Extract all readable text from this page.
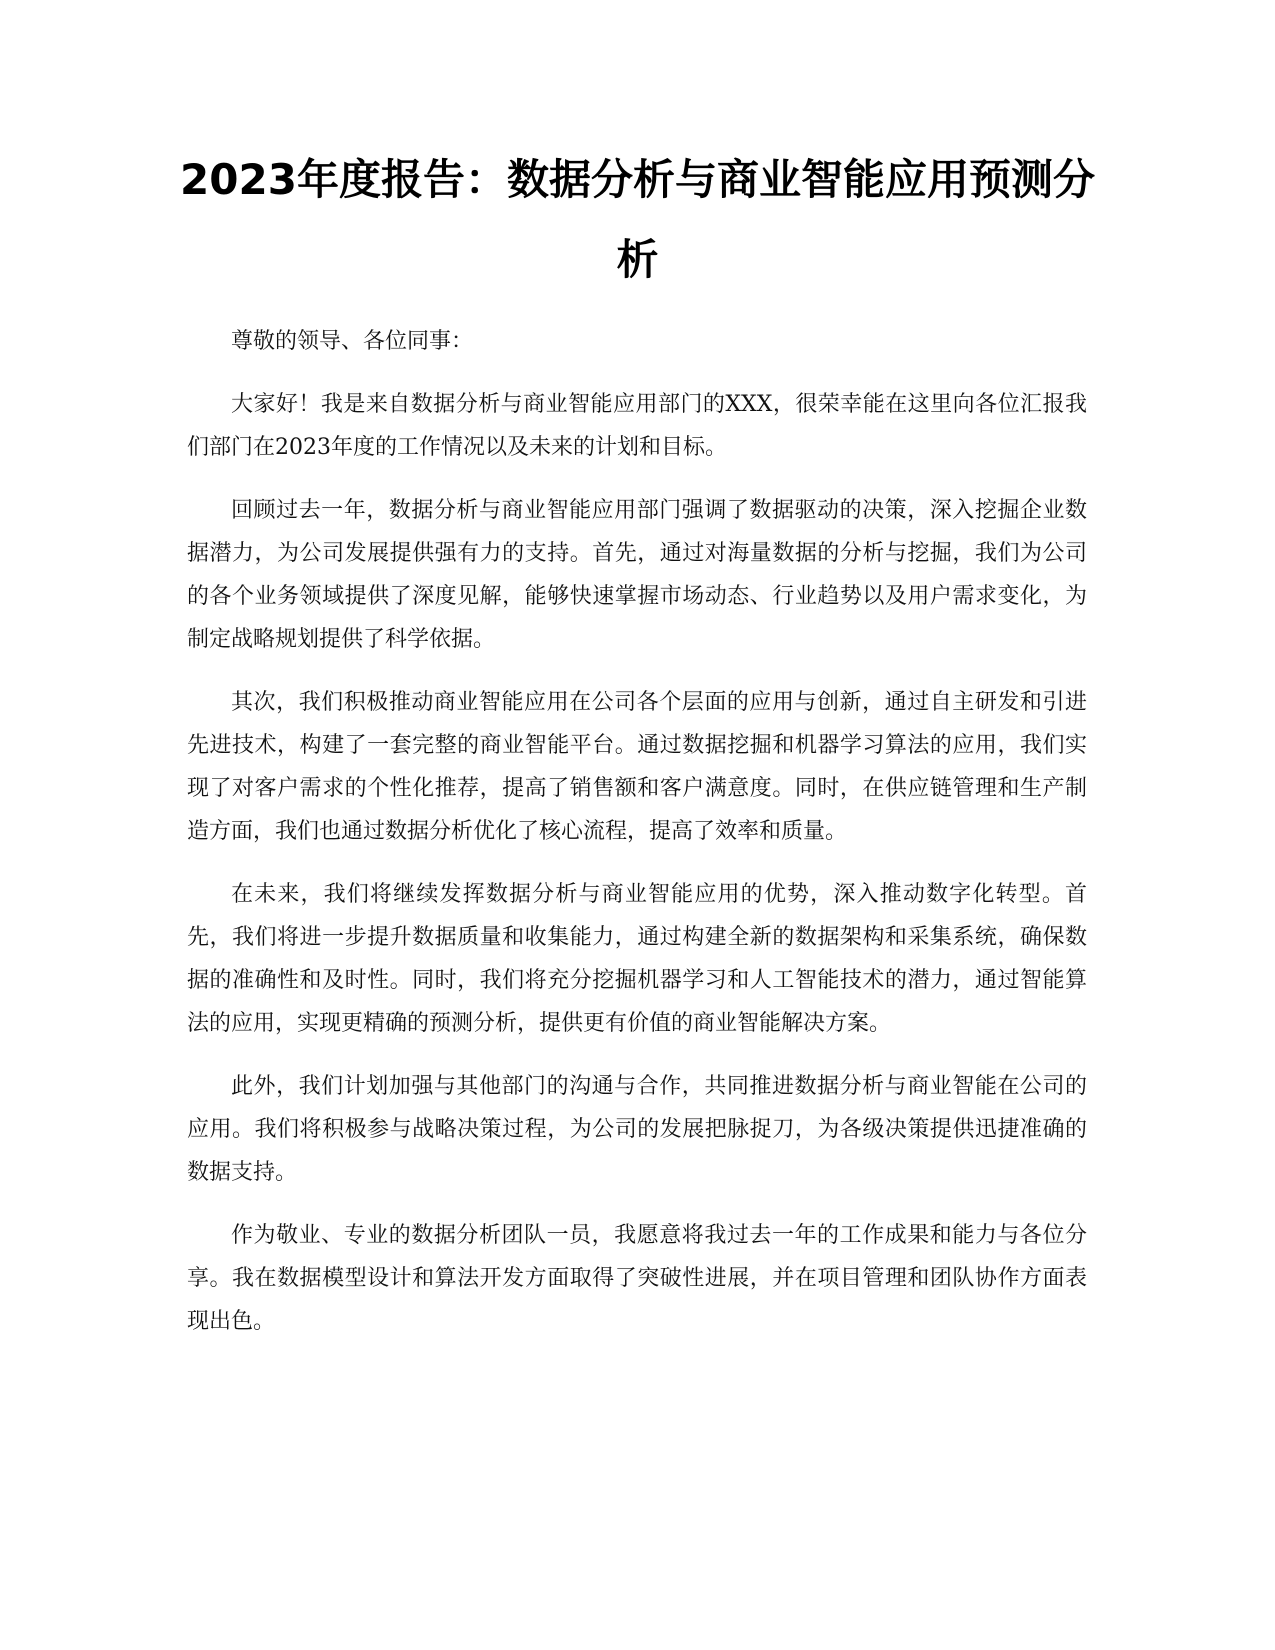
2023年度报告：数据分析与商业智能应用预测分析

尊敬的领导、各位同事：

大家好！我是来自数据分析与商业智能应用部门的XXX，很荣幸能在这里向各位汇报我们部门在2023年度的工作情况以及未来的计划和目标。

回顾过去一年，数据分析与商业智能应用部门强调了数据驱动的决策，深入挖掘企业数据潜力，为公司发展提供强有力的支持。首先，通过对海量数据的分析与挖掘，我们为公司的各个业务领域提供了深度见解，能够快速掌握市场动态、行业趋势以及用户需求变化，为制定战略规划提供了科学依据。

其次，我们积极推动商业智能应用在公司各个层面的应用与创新，通过自主研发和引进先进技术，构建了一套完整的商业智能平台。通过数据挖掘和机器学习算法的应用，我们实现了对客户需求的个性化推荐，提高了销售额和客户满意度。同时，在供应链管理和生产制造方面，我们也通过数据分析优化了核心流程，提高了效率和质量。

在未来，我们将继续发挥数据分析与商业智能应用的优势，深入推动数字化转型。首先，我们将进一步提升数据质量和收集能力，通过构建全新的数据架构和采集系统，确保数据的准确性和及时性。同时，我们将充分挖掘机器学习和人工智能技术的潜力，通过智能算法的应用，实现更精确的预测分析，提供更有价值的商业智能解决方案。

此外，我们计划加强与其他部门的沟通与合作，共同推进数据分析与商业智能在公司的应用。我们将积极参与战略决策过程，为公司的发展把脉捉刀，为各级决策提供迅捷准确的数据支持。

作为敬业、专业的数据分析团队一员，我愿意将我过去一年的工作成果和能力与各位分享。我在数据模型设计和算法开发方面取得了突破性进展，并在项目管理和团队协作方面表现出色。
